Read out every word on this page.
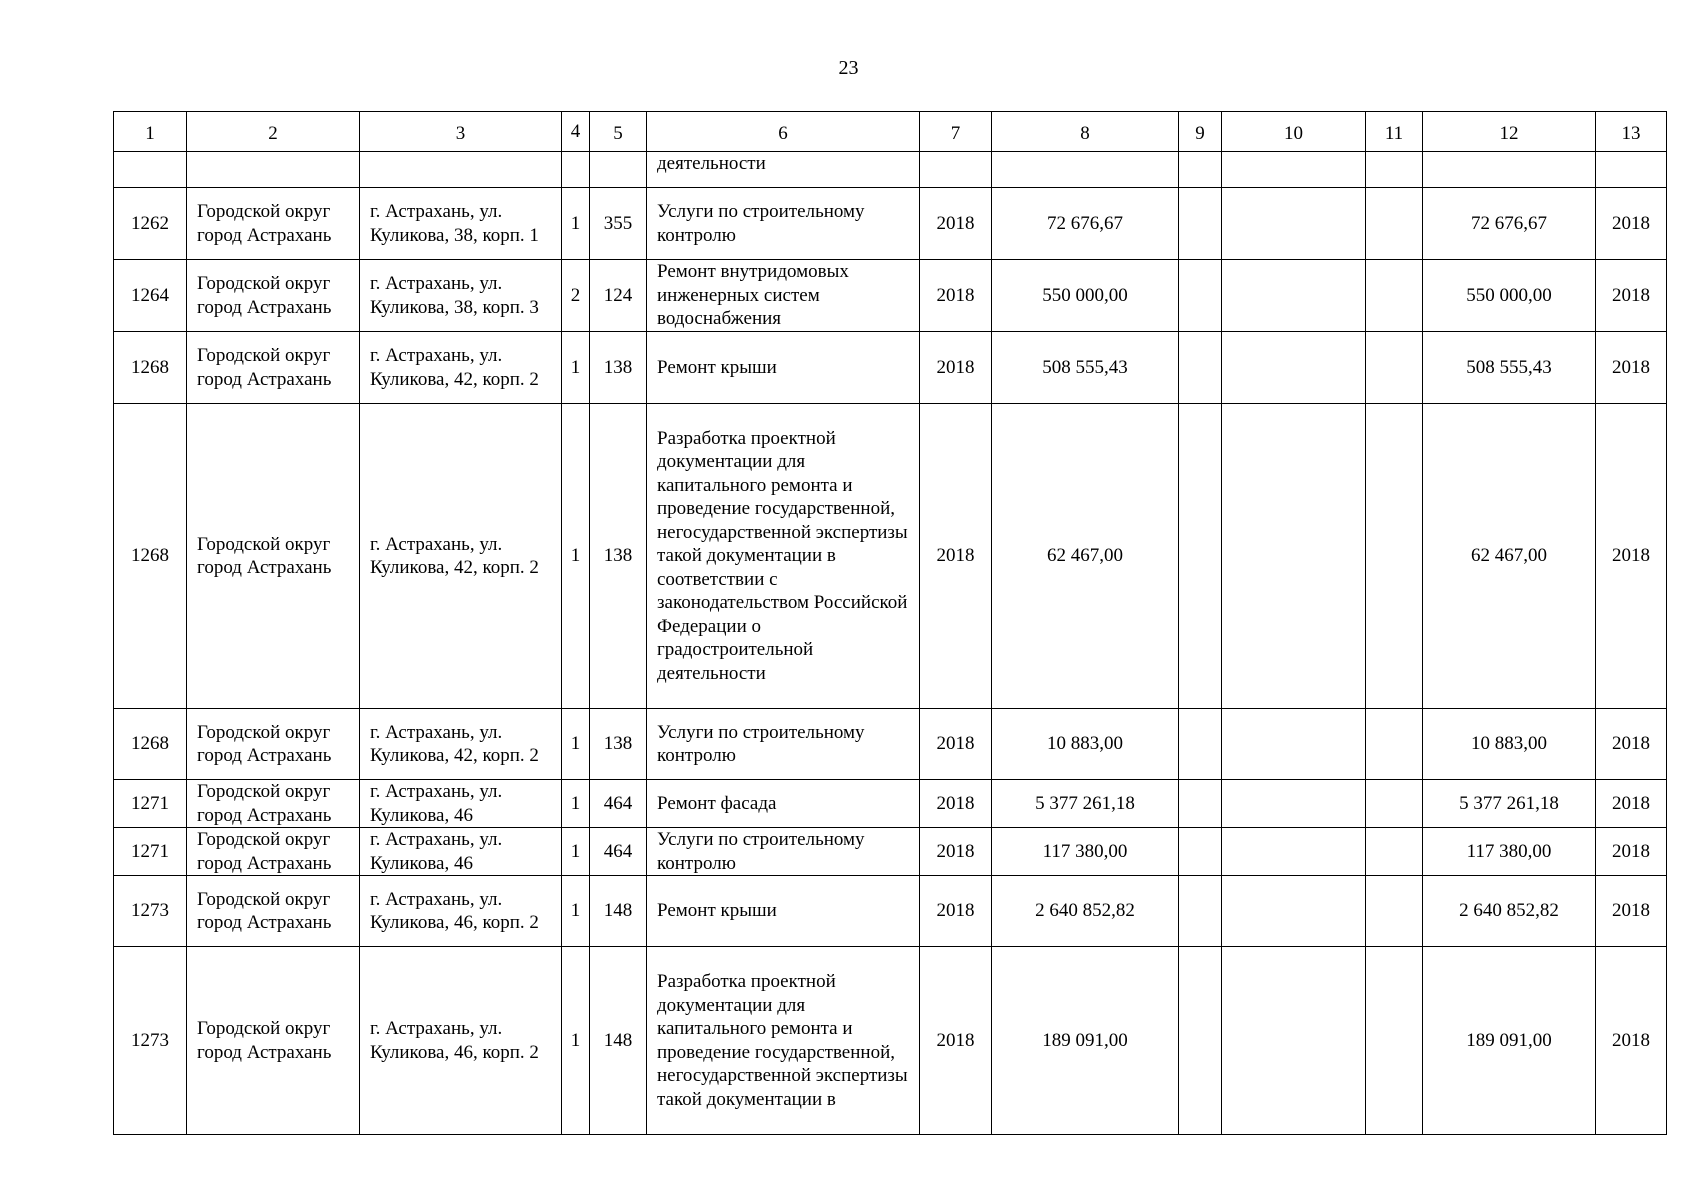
23
1	2	3	4	5	6	7	8	9	10	11	12	13
					деятельности							
1262	Городской округ город Астрахань	г. Астрахань, ул. Куликова, 38, корп. 1	1	355	Услуги по строительному контролю	2018	72 676,67				72 676,67	2018
1264	Городской округ город Астрахань	г. Астрахань, ул. Куликова, 38, корп. 3	2	124	Ремонт внутридомовых инженерных систем водоснабжения	2018	550 000,00				550 000,00	2018
1268	Городской округ город Астрахань	г. Астрахань, ул. Куликова, 42, корп. 2	1	138	Ремонт крыши	2018	508 555,43				508 555,43	2018
1268	Городской округ город Астрахань	г. Астрахань, ул. Куликова, 42, корп. 2	1	138	Разработка проектной документации для капитального ремонта и проведение государственной, негосударственной экспертизы такой документации в соответствии с законодательством Российской Федерации о градостроительной деятельности	2018	62 467,00				62 467,00	2018
1268	Городской округ город Астрахань	г. Астрахань, ул. Куликова, 42, корп. 2	1	138	Услуги по строительному контролю	2018	10 883,00				10 883,00	2018
1271	Городской округ город Астрахань	г. Астрахань, ул. Куликова, 46	1	464	Ремонт фасада	2018	5 377 261,18				5 377 261,18	2018
1271	Городской округ город Астрахань	г. Астрахань, ул. Куликова, 46	1	464	Услуги по строительному контролю	2018	117 380,00				117 380,00	2018
1273	Городской округ город Астрахань	г. Астрахань, ул. Куликова, 46, корп. 2	1	148	Ремонт крыши	2018	2 640 852,82				2 640 852,82	2018
1273	Городской округ город Астрахань	г. Астрахань, ул. Куликова, 46, корп. 2	1	148	Разработка проектной документации для капитального ремонта и проведение государственной, негосударственной экспертизы такой документации в	2018	189 091,00				189 091,00	2018
